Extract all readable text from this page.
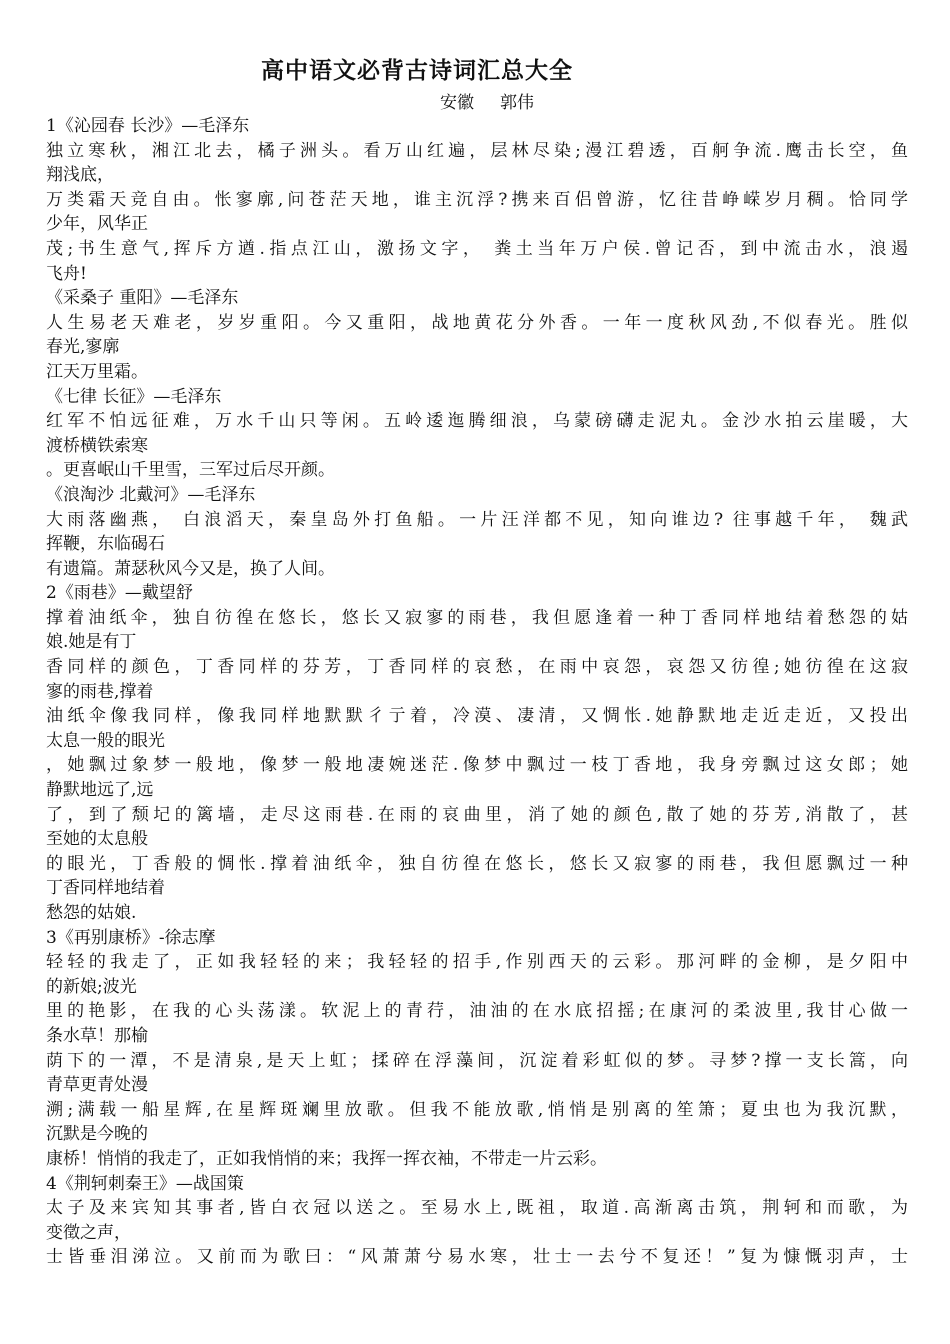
高中语文必背古诗词汇总大全
安徽 郭伟
1《沁园春 长沙》—毛泽东
独立寒秋，湘江北去，橘子洲头。看万山红遍，层林尽染;漫江碧透，百舸争流.鹰击长空，鱼
翔浅底，
万类霜天竞自由。怅寥廓,问苍茫天地，谁主沉浮?携来百侣曾游，忆往昔峥嵘岁月稠。恰同学
少年，风华正
茂;书生意气,挥斥方遒.指点江山，激扬文字， 粪土当年万户侯.曾记否，到中流击水，浪遏
飞舟!
《采桑子 重阳》—毛泽东
人生易老天难老，岁岁重阳。今又重阳，战地黄花分外香。一年一度秋风劲,不似春光。胜似
春光,寥廓
江天万里霜。
《七律 长征》—毛泽东
红军不怕远征难，万水千山只等闲。五岭逶迤腾细浪，乌蒙磅礴走泥丸。金沙水拍云崖暖，大
渡桥横铁索寒
。更喜岷山千里雪，三军过后尽开颜。
《浪淘沙 北戴河》—毛泽东
大雨落幽燕， 白浪滔天，秦皇岛外打鱼船。一片汪洋都不见，知向谁边? 往事越千年， 魏武
挥鞭，东临碣石
有遗篇。萧瑟秋风今又是，换了人间。
2《雨巷》—戴望舒
撑着油纸伞，独自彷徨在悠长，悠长又寂寥的雨巷，我但愿逢着一种丁香同样地结着愁怨的姑
娘.她是有丁
香同样的颜色，丁香同样的芬芳，丁香同样的哀愁，在雨中哀怨，哀怨又彷徨;她彷徨在这寂
寥的雨巷,撑着
油纸伞像我同样，像我同样地默默彳亍着，冷漠、凄清，又惆怅.她静默地走近走近，又投出
太息一般的眼光
，她飘过象梦一般地，像梦一般地凄婉迷茫.像梦中飘过一枝丁香地，我身旁飘过这女郎；她
静默地远了,远
了，到了颓圮的篱墙，走尽这雨巷.在雨的哀曲里，消了她的颜色,散了她的芬芳,消散了，甚
至她的太息般
的眼光，丁香般的惆怅.撑着油纸伞，独自彷徨在悠长，悠长又寂寥的雨巷，我但愿飘过一种
丁香同样地结着
愁怨的姑娘.
3《再别康桥》-徐志摩
轻轻的我走了，正如我轻轻的来；我轻轻的招手,作别西天的云彩。那河畔的金柳，是夕阳中
的新娘;波光
里的艳影，在我的心头荡漾。软泥上的青荇，油油的在水底招摇;在康河的柔波里,我甘心做一
条水草！那榆
荫下的一潭，不是清泉,是天上虹；揉碎在浮藻间，沉淀着彩虹似的梦。寻梦?撑一支长篙，向
青草更青处漫
溯;满载一船星辉,在星辉斑斓里放歌。但我不能放歌,悄悄是别离的笙箫；夏虫也为我沉默，
沉默是今晚的
康桥！悄悄的我走了，正如我悄悄的来；我挥一挥衣袖，不带走一片云彩。
4《荆轲刺秦王》—战国策
太子及来宾知其事者,皆白衣冠以送之。至易水上,既祖，取道.高渐离击筑，荆轲和而歌，为
变徵之声，
士皆垂泪涕泣。又前而为歌曰：“风萧萧兮易水寒，壮士一去兮不复还！”复为慷慨羽声，士
